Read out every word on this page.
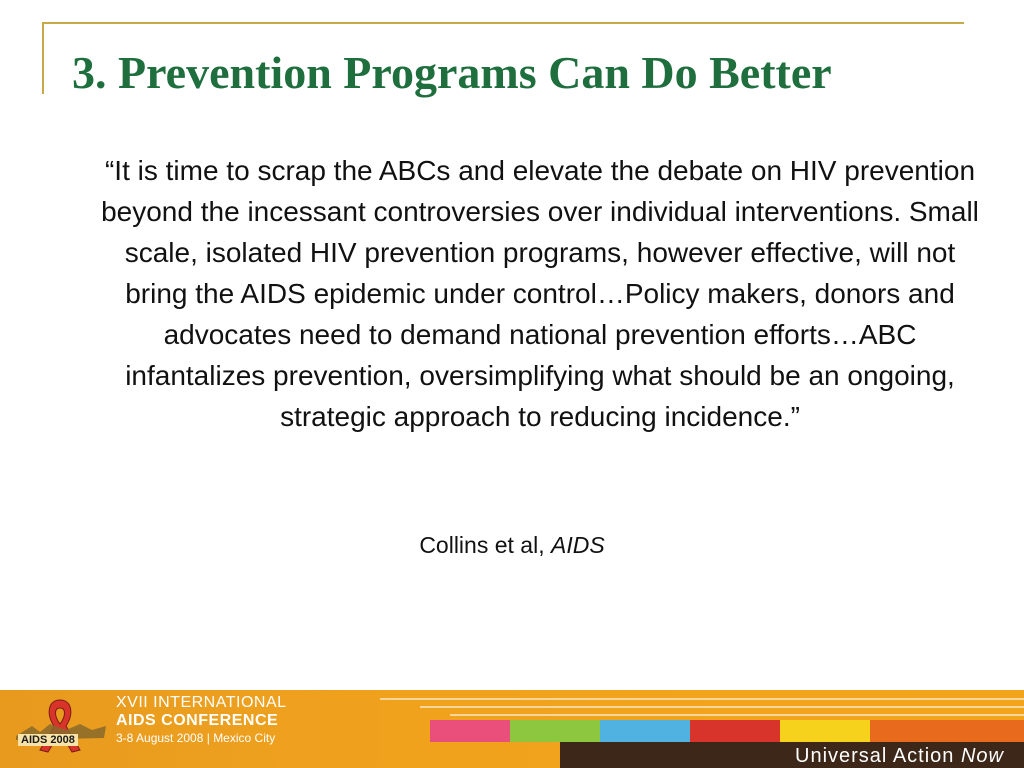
3. Prevention Programs Can Do Better

“It is time to scrap the ABCs and elevate the debate on HIV prevention beyond the incessant controversies over individual interventions. Small scale, isolated HIV prevention programs, however effective, will not bring the AIDS epidemic under control…Policy makers, donors and advocates need to demand national prevention efforts…ABC infantalizes prevention, oversimplifying what should be an ongoing, strategic approach to reducing incidence.”

Collins et al, AIDS
Universal Action Now
AIDS 2008
XVII INTERNATIONAL
AIDS CONFERENCE
3-8 August 2008 | Mexico City
